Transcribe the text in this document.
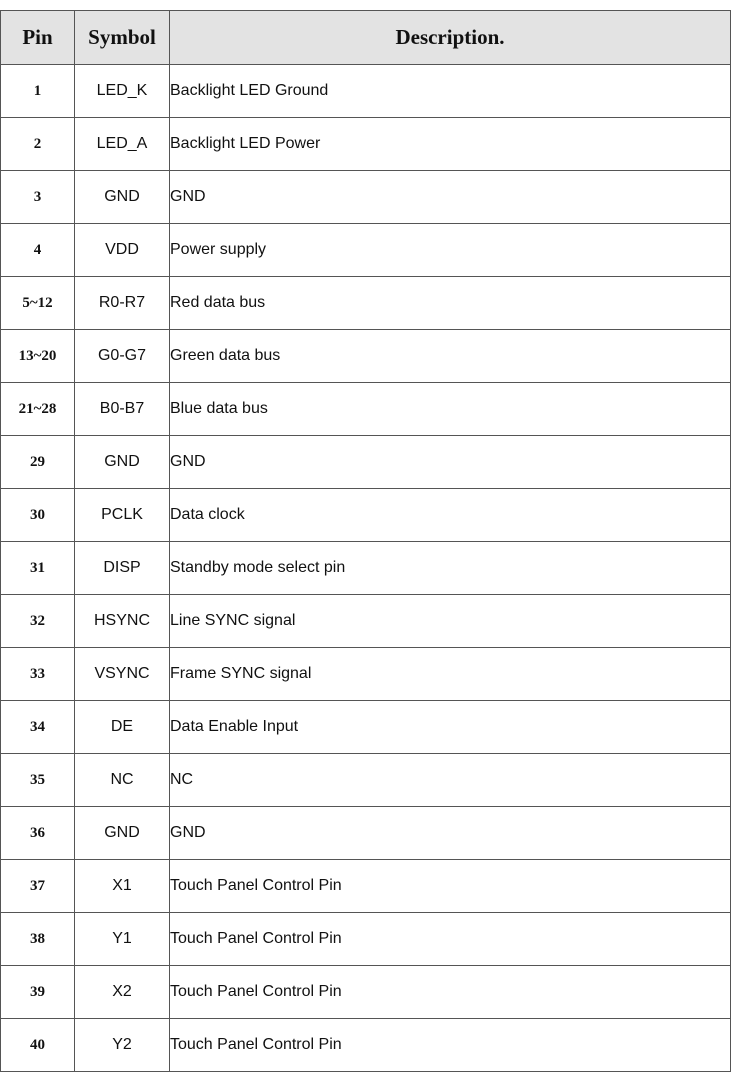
Pin	Symbol	Description.
1	LED_K	Backlight LED Ground
2	LED_A	Backlight LED Power
3	GND	GND
4	VDD	Power supply
5~12	R0-R7	Red data bus
13~20	G0-G7	Green data bus
21~28	B0-B7	Blue data bus
29	GND	GND
30	PCLK	Data clock
31	DISP	Standby mode select pin
32	HSYNC	Line SYNC signal
33	VSYNC	Frame SYNC signal
34	DE	Data Enable Input
35	NC	NC
36	GND	GND
37	X1	Touch Panel Control Pin
38	Y1	Touch Panel Control Pin
39	X2	Touch Panel Control Pin
40	Y2	Touch Panel Control Pin
